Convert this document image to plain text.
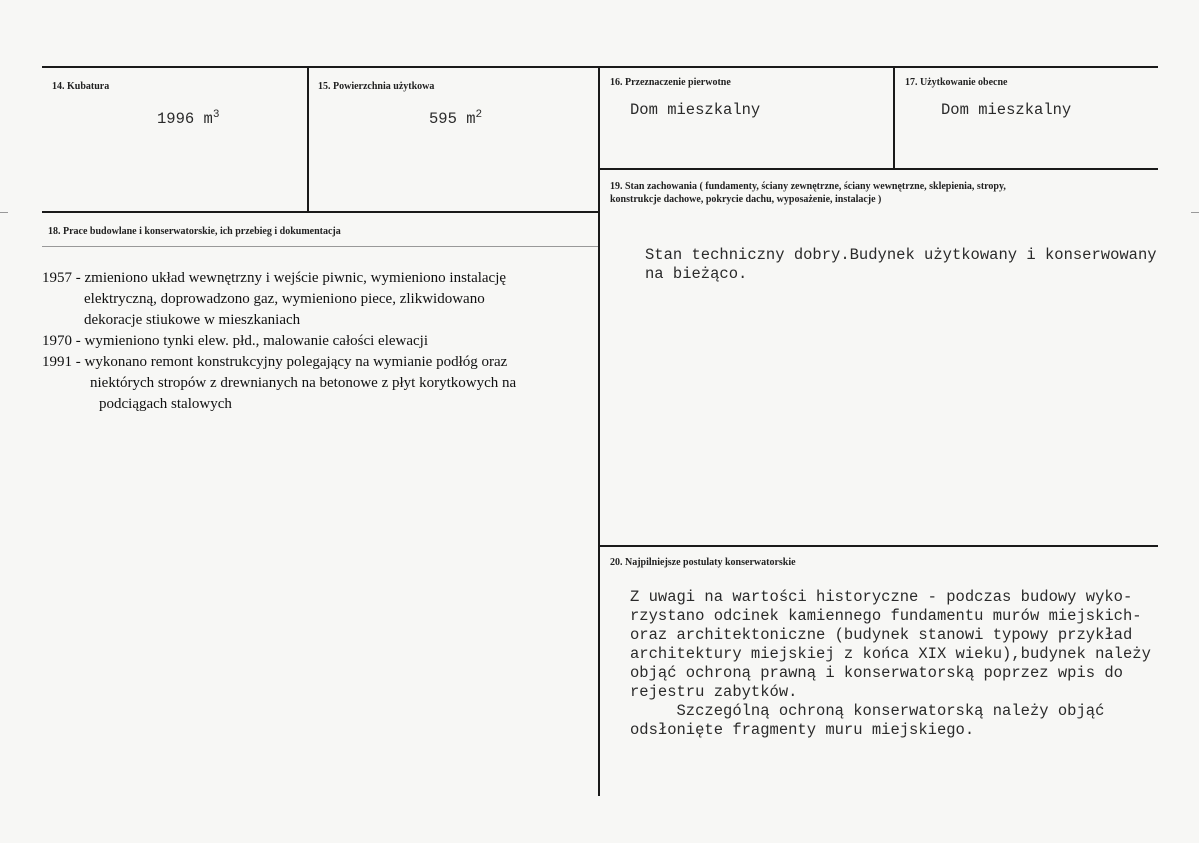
14. Kubatura
1996 $m^3$
15. Powierzchnia użytkowa
595 $m^2$
16. Przeznaczenie pierwotne
Dom mieszkalny
17. Użytkowanie obecne
Dom mieszkalny
18. Prace budowlane i konserwatorskie, ich przebieg i dokumentacja
1957 - zmieniono układ wewnętrzny i wejście piwnic, wymieniono instalację
elektryczną, doprowadzono gaz, wymieniono piece, zlikwidowano
dekoracje stiukowe w mieszkaniach
1970 - wymieniono tynki elew. płd., malowanie całości elewacji
1991 - wykonano remont konstrukcyjny polegający na wymianie podłóg oraz
niektórych stropów z drewnianych na betonowe z płyt korytkowych na
podciągach stalowych
19. Stan zachowania ( fundamenty, ściany zewnętrzne, ściany wewnętrzne, sklepienia, stropy,
konstrukcje dachowe, pokrycie dachu, wyposażenie, instalacje )
Stan techniczny dobry.Budynek użytkowany i konserwowany
na bieżąco.
20. Najpilniejsze postulaty konserwatorskie
Z uwagi na wartości historyczne - podczas budowy wyko-
rzystano odcinek kamiennego fundamentu murów miejskich-
oraz architektoniczne (budynek stanowi typowy przykład
architektury miejskiej z końca XIX wieku),budynek należy
objąć ochroną prawną i konserwatorską poprzez wpis do
rejestru zabytków.
Szczególną ochroną konserwatorską należy objąć
odsłonięte fragmenty muru miejskiego.
